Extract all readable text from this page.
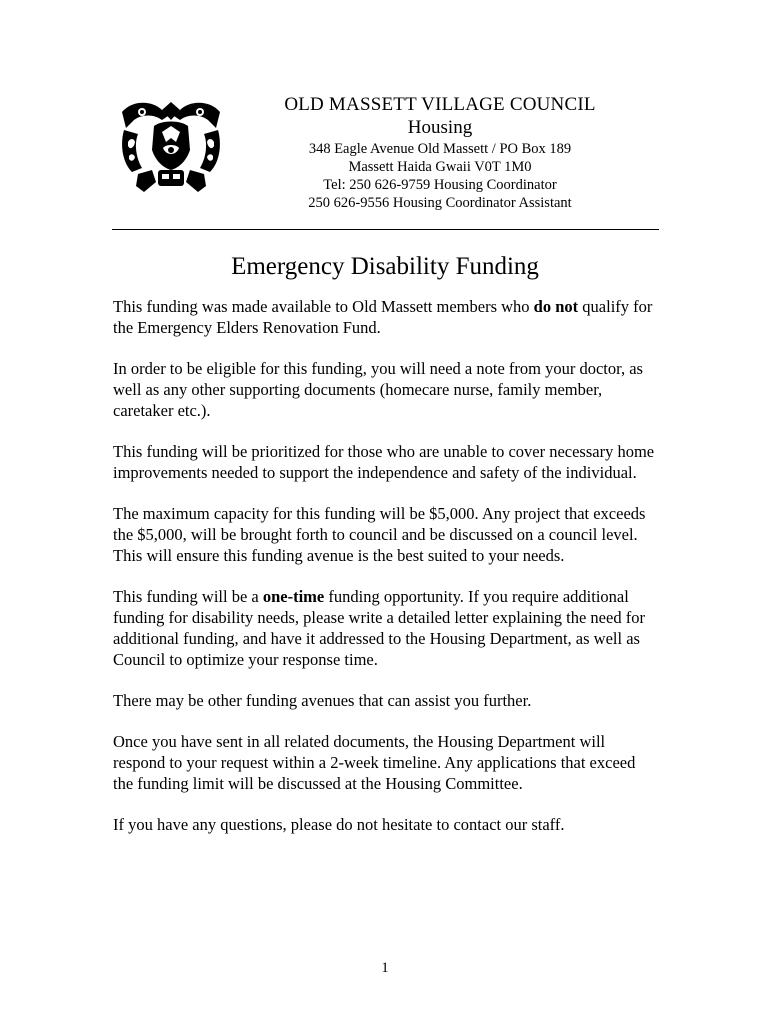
OLD MASSETT VILLAGE COUNCIL
Housing
348 Eagle Avenue Old Massett / PO Box 189
Massett Haida Gwaii V0T 1M0
Tel: 250 626-9759 Housing Coordinator
250 626-9556 Housing Coordinator Assistant
Emergency Disability Funding

This funding was made available to Old Massett members who do not qualify for the Emergency Elders Renovation Fund.

In order to be eligible for this funding, you will need a note from your doctor, as well as any other supporting documents (homecare nurse, family member, caretaker etc.).

This funding will be prioritized for those who are unable to cover necessary home improvements needed to support the independence and safety of the individual.

The maximum capacity for this funding will be $5,000. Any project that exceeds the $5,000, will be brought forth to council and be discussed on a council level. This will ensure this funding avenue is the best suited to your needs.

This funding will be a one-time funding opportunity. If you require additional funding for disability needs, please write a detailed letter explaining the need for additional funding, and have it addressed to the Housing Department, as well as Council to optimize your response time.

There may be other funding avenues that can assist you further.

Once you have sent in all related documents, the Housing Department will respond to your request within a 2-week timeline. Any applications that exceed the funding limit will be discussed at the Housing Committee.

If you have any questions, please do not hesitate to contact our staff.

1
